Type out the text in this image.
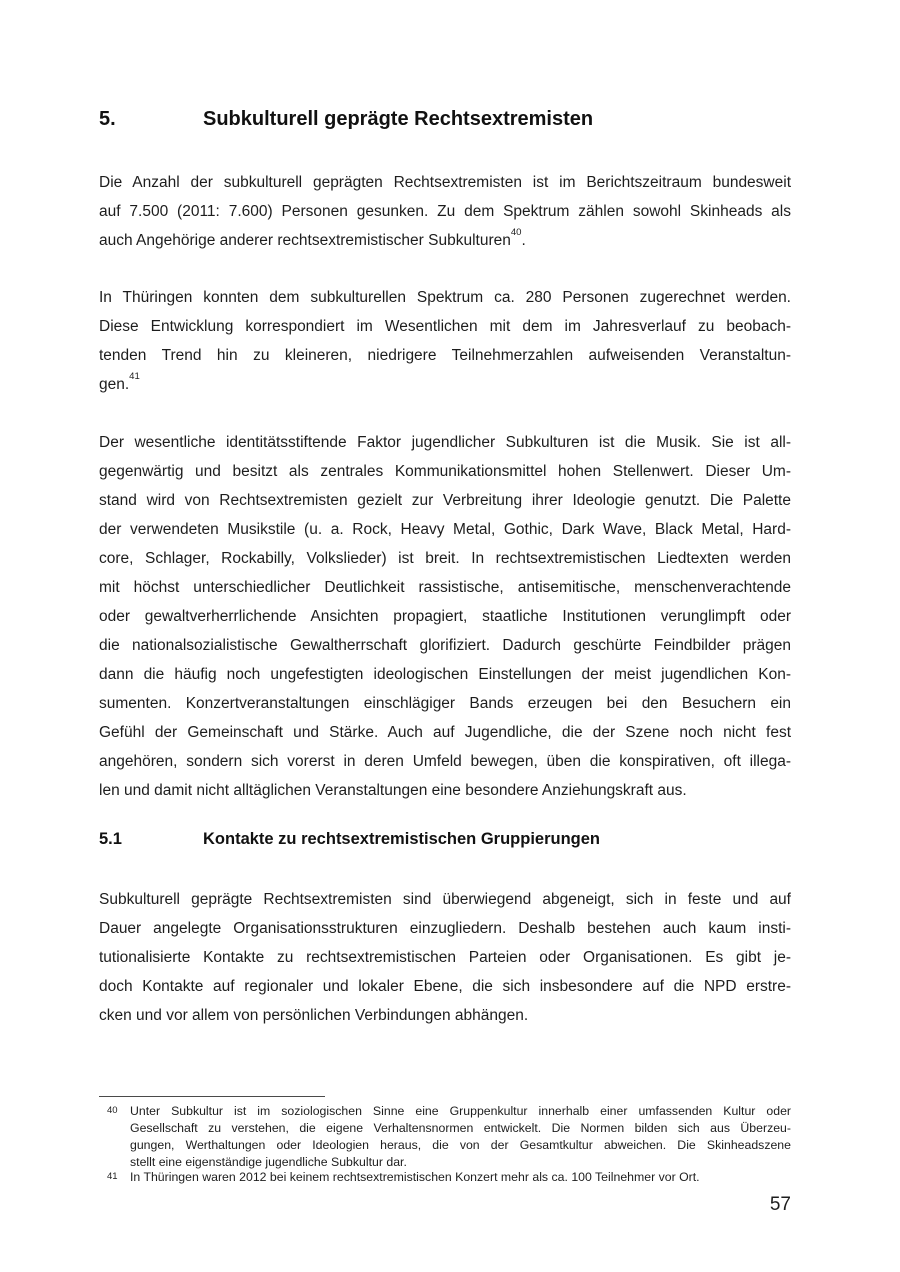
5.	Subkulturell geprägte Rechtsextremisten
Die Anzahl der subkulturell geprägten Rechtsextremisten ist im Berichtszeitraum bundesweit
auf 7.500 (2011: 7.600) Personen gesunken. Zu dem Spektrum zählen sowohl Skinheads als
auch Angehörige anderer rechtsextremistischer Subkulturen$^{40}$.
In Thüringen konnten dem subkulturellen Spektrum ca. 280 Personen zugerechnet werden.
Diese Entwicklung korrespondiert im Wesentlichen mit dem im Jahresverlauf zu beobach-
tenden Trend hin zu kleineren, niedrigere Teilnehmerzahlen aufweisenden Veranstaltun-
gen.$^{41}$
Der wesentliche identitätsstiftende Faktor jugendlicher Subkulturen ist die Musik. Sie ist all-
gegenwärtig und besitzt als zentrales Kommunikationsmittel hohen Stellenwert. Dieser Um-
stand wird von Rechtsextremisten gezielt zur Verbreitung ihrer Ideologie genutzt. Die Palette
der verwendeten Musikstile (u. a. Rock, Heavy Metal, Gothic, Dark Wave, Black Metal, Hard-
core, Schlager, Rockabilly, Volkslieder) ist breit. In rechtsextremistischen Liedtexten werden
mit höchst unterschiedlicher Deutlichkeit rassistische, antisemitische, menschenverachtende
oder gewaltverherrlichende Ansichten propagiert, staatliche Institutionen verunglimpft oder
die nationalsozialistische Gewaltherrschaft glorifiziert. Dadurch geschürte Feindbilder prägen
dann die häufig noch ungefestigten ideologischen Einstellungen der meist jugendlichen Kon-
sumenten. Konzertveranstaltungen einschlägiger Bands erzeugen bei den Besuchern ein
Gefühl der Gemeinschaft und Stärke. Auch auf Jugendliche, die der Szene noch nicht fest
angehören, sondern sich vorerst in deren Umfeld bewegen, üben die konspirativen, oft illega-
len und damit nicht alltäglichen Veranstaltungen eine besondere Anziehungskraft aus.
5.1	Kontakte zu rechtsextremistischen Gruppierungen
Subkulturell geprägte Rechtsextremisten sind überwiegend abgeneigt, sich in feste und auf
Dauer angelegte Organisationsstrukturen einzugliedern. Deshalb bestehen auch kaum insti-
tutionalisierte Kontakte zu rechtsextremistischen Parteien oder Organisationen. Es gibt je-
doch Kontakte auf regionaler und lokaler Ebene, die sich insbesondere auf die NPD erstre-
cken und vor allem von persönlichen Verbindungen abhängen.
40	Unter Subkultur ist im soziologischen Sinne eine Gruppenkultur innerhalb einer umfassenden Kultur oder
Gesellschaft zu verstehen, die eigene Verhaltensnormen entwickelt. Die Normen bilden sich aus Überzeu-
gungen, Werthaltungen oder Ideologien heraus, die von der Gesamtkultur abweichen. Die Skinheadszene
stellt eine eigenständige jugendliche Subkultur dar.
41	In Thüringen waren 2012 bei keinem rechtsextremistischen Konzert mehr als ca. 100 Teilnehmer vor Ort.
57
